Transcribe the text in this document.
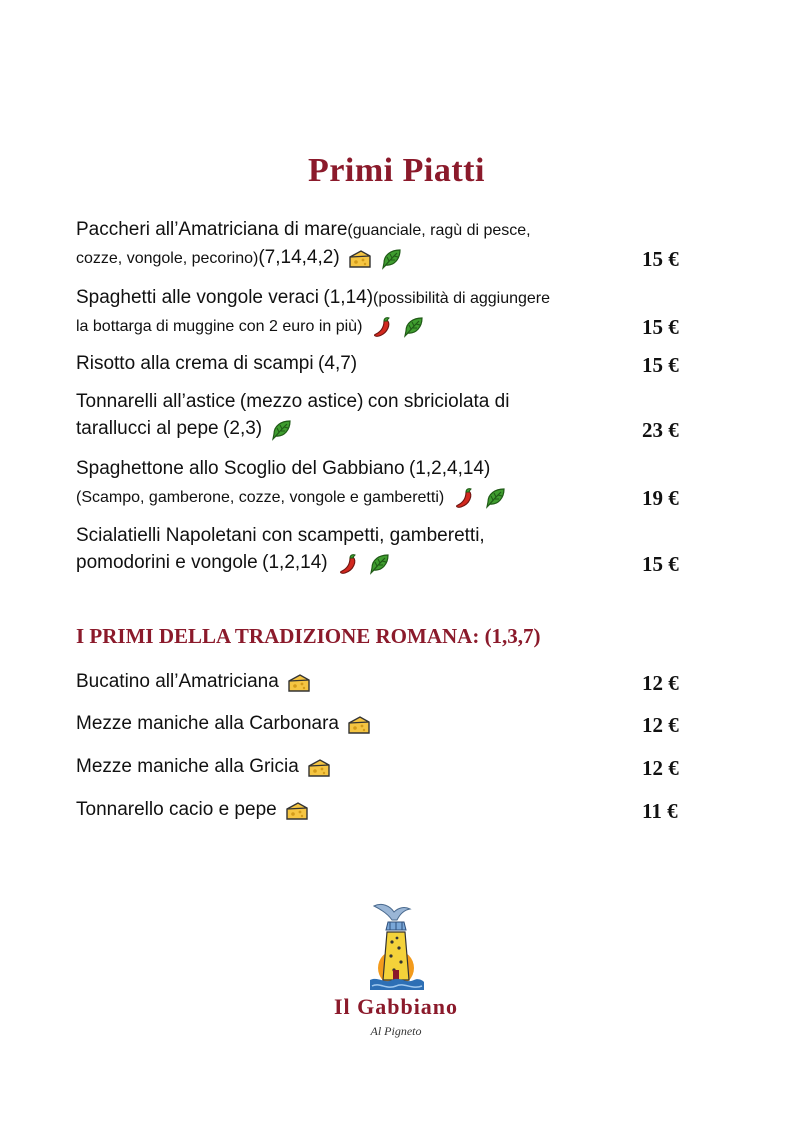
Primi Piatti
Paccheri all’Amatriciana di mare(guanciale, ragù di pesce,
cozze, vongole, pecorino)(7,14,4,2)	15 €
Spaghetti alle vongole veraci (1,14)(possibilità di aggiungere
la bottarga di muggine con 2 euro in più)	15 €
Risotto alla crema di scampi (4,7)	15 €
Tonnarelli all’astice (mezzo astice) con sbriciolata di
tarallucci al pepe (2,3)	23 €
Spaghettone allo Scoglio del Gabbiano (1,2,4,14)
(Scampo, gamberone, cozze, vongole e gamberetti)	19 €
Scialatielli Napoletani con scampetti, gamberetti,
pomodorini e vongole (1,2,14)	15 €
I PRIMI DELLA TRADIZIONE ROMANA: (1,3,7)
Bucatino all’Amatriciana	12 €
Mezze maniche alla Carbonara	12 €
Mezze maniche alla Gricia	12 €
Tonnarello cacio e pepe	11 €
Il Gabbiano
Al Pigneto
